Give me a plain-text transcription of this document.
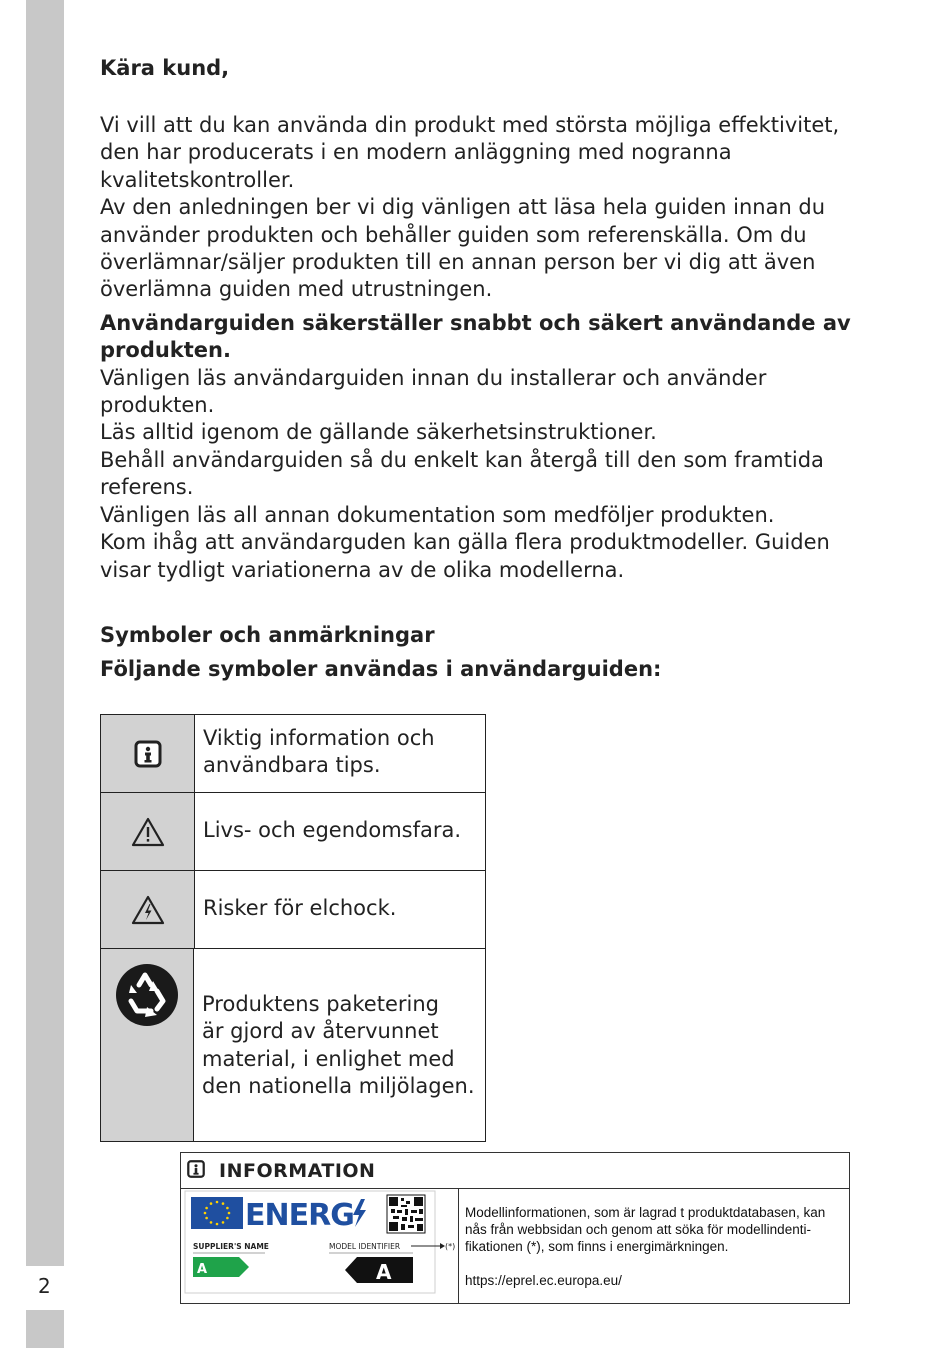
2

Kära kund,

Vi vill att du kan använda din produkt med största möjliga effektivitet,
den har producerats i en modern anläggning med nogranna
kvalitetskontroller.
Av den anledningen ber vi dig vänligen att läsa hela guiden innan du
använder produkten och behåller guiden som referenskälla. Om du
överlämnar/säljer produkten till en annan person ber vi dig att även
överlämna guiden med utrustningen.

Användarguiden säkerställer snabbt och säkert användande av
produkten.

Vänligen läs användarguiden innan du installerar och använder
produkten.
Läs alltid igenom de gällande säkerhetsinstruktioner.
Behåll användarguiden så du enkelt kan återgå till den som framtida
referens.
Vänligen läs all annan dokumentation som medföljer produkten.
Kom ihåg att användarguden kan gälla flera produktmodeller. Guiden
visar tydligt variationerna av de olika modellerna.

Symboler och anmärkningar
Följande symboler användas i användarguiden:
Viktig information och
användbara tips.
Livs- och egendomsfara.
Risker för elchock.
Produktens paketering
är gjord av återvunnet
material, i enlighet med
den nationella miljölagen.
INFORMATION
ENERG
SUPPLIER'S NAME	MODEL IDENTIFIER	(*)
A	A

Modellinformationen, som är lagrad t produktdatabasen, kan nås från webbsidan och genom att söka för modellindenti-fikationen (*), som finns i energimärkningen.

https://eprel.ec.europa.eu/
